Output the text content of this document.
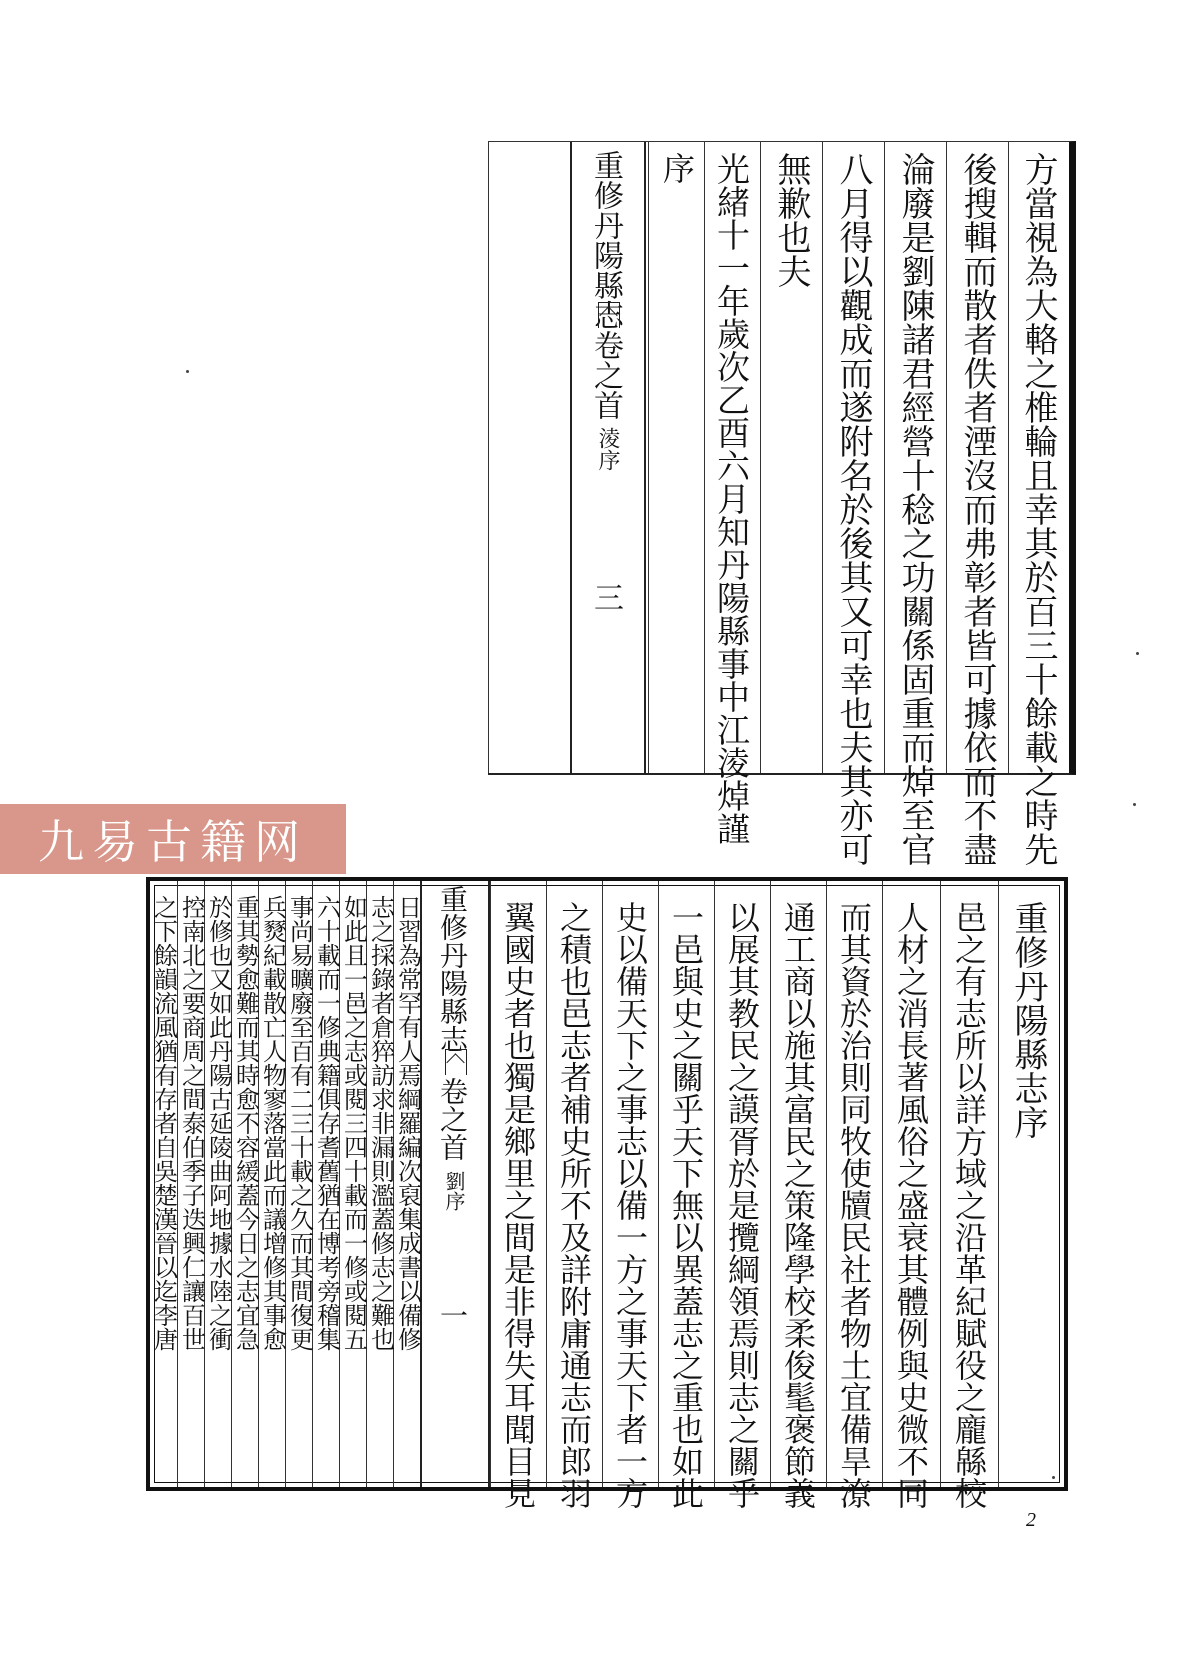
方當視為大輅之椎輪且幸其於百三十餘載之時先
後搜輯而散者佚者湮沒而弗彰者皆可據依而不盡
淪廢是劉陳諸君經營十稔之功關係固重而焯至官
八月得以觀成而遂附名於後其又可幸也夫其亦可
無歉也夫
光緒十一年歲次乙酉六月知丹陽縣事中江淩焯謹
序
重修丹陽縣志
卷之首
淩序
三
九易古籍网
重修丹陽縣志序
邑之有志所以詳方域之沿革紀賦役之龐緜校
人材之消長著風俗之盛衰其體例與史微不同
而其資於治則同牧使牘民社者物土宜備旱潦
通工商以施其富民之策隆學校柔俊髦褒節義
以展其教民之謨胥於是攬綱領焉則志之關乎
一邑與史之關乎天下無以異蓋志之重也如此
史以備天下之事志以備一方之事天下者一方
之積也邑志者補史所不及詳附庸通志而郎羽
翼國史者也獨是鄉里之間是非得失耳聞目見
重修丹陽縣志
卷之首
劉序
一
日習為常罕有人焉綱羅編次裒集成書以備修
志之採錄者倉猝訪求非漏則濫蓋修志之難也
如此且一邑之志或閱三四十載而一修或閱五
六十載而一修典籍俱存耆舊猶在博考旁稽集
事尚易曠廢至百有二三十載之久而其間復更
兵燹紀載散亡人物寥落當此而議增修其事愈
重其勢愈難而其時愈不容緩蓋今日之志宜急
於修也又如此丹陽古延陵曲阿地據水陸之衝
控南北之要商周之間泰伯季子迭興仁讓百世
之下餘韻流風猶有存者自吳楚漢晉以迄李唐
2
